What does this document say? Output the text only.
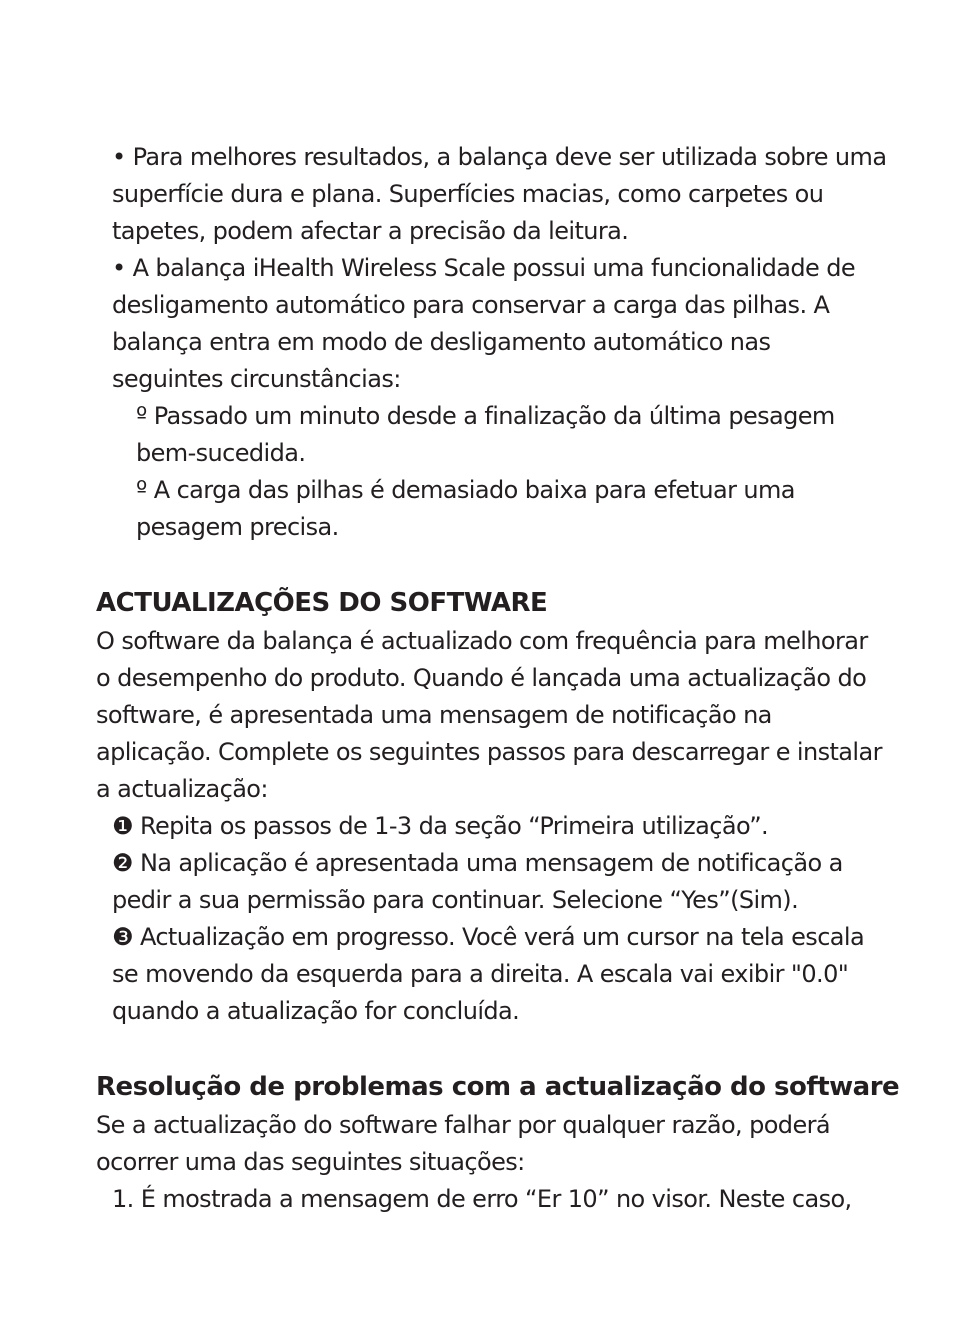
• Para melhores resultados, a balança deve ser utilizada sobre uma
superfície dura e plana. Superfícies macias, como carpetes ou
tapetes, podem afectar a precisão da leitura.
• A balança iHealth Wireless Scale possui uma funcionalidade de
desligamento automático para conservar a carga das pilhas. A
balança entra em modo de desligamento automático nas
seguintes circunstâncias:
º Passado um minuto desde a finalização da última pesagem
bem-sucedida.
º A carga das pilhas é demasiado baixa para efetuar uma
pesagem precisa.
ACTUALIZAÇÕES DO SOFTWARE
O software da balança é actualizado com frequência para melhorar
o desempenho do produto. Quando é lançada uma actualização do
software, é apresentada uma mensagem de notificação na
aplicação. Complete os seguintes passos para descarregar e instalar
a actualização:
❶ Repita os passos de 1-3 da seção “Primeira utilização”.
❷ Na aplicação é apresentada uma mensagem de notificação a
pedir a sua permissão para continuar. Selecione “Yes”(Sim).
❸ Actualização em progresso. Você verá um cursor na tela escala
se movendo da esquerda para a direita. A escala vai exibir "0.0"
quando a atualização for concluída.
Resolução de problemas com a actualização do software
Se a actualização do software falhar por qualquer razão, poderá
ocorrer uma das seguintes situações:
1. É mostrada a mensagem de erro “Er 10” no visor. Neste caso,
